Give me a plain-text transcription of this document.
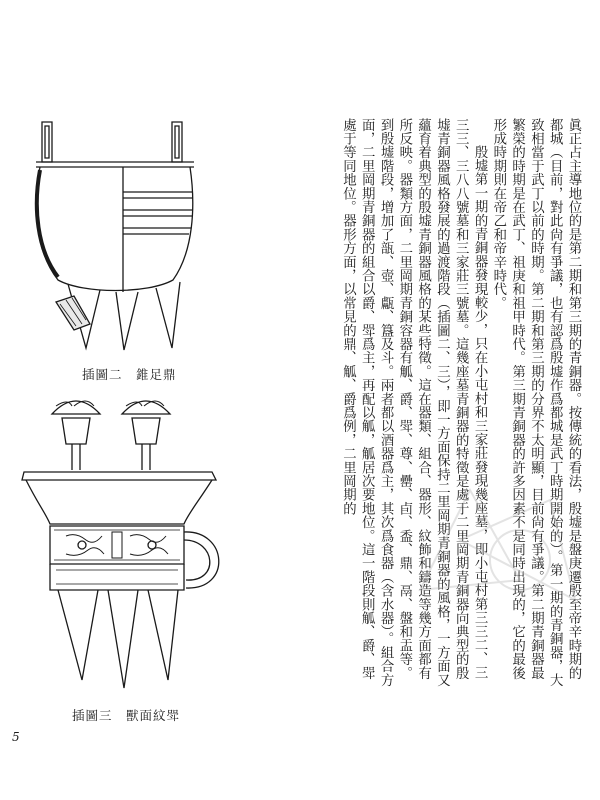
插圖二　錐足鼎
插圖三　獸面紋斝

眞正占主導地位的是第二期和第三期的青銅器。按傳統的看法，殷墟是盤庚遷殷至帝辛時期的都城（目前，對此尙有爭議，也有認爲殷墟作爲都城是武丁時期開始的）。第一期的青銅器，大致相當于武丁以前的時期。第二期和第三期的分界不太明顯，目前尙有爭議。第二期青銅器最繁榮的時期是在武丁、祖庚和祖甲時代。第三期青銅器的許多因素不是同時出現的，它的最後形成時期則在帝乙和帝辛時代。

殷墟第一期的青銅器發現較少，只在小屯村和三家莊發現幾座墓，即小屯村第三三二、三三三、三八八號墓和三家莊三號墓。這幾座墓青銅器的特徵是處于二里岡期青銅器向典型的殷墟青銅器風格發展的過渡階段（插圖二、三），即一方面保持二里岡期青銅器的風格，一方面又蘊育着典型的殷墟青銅器風格的某些特徵。這在器類、組合、器形、紋飾和鑄造等幾方面都有所反映。器類方面，二里岡期青銅容器有觚、爵、斝、尊、罍、卣、盉、鼎、鬲、盤和盂等。到殷墟階段，增加了瓿、壺、甗、簋及斗。兩者都以酒器爲主，其次爲食器（含水器）。組合方面，二里岡期青銅器的組合以爵、斝爲主，再配以觚，觚居次要地位。這一階段則觚、爵、斝處于等同地位。器形方面，以常見的鼎、觚、爵爲例，二里岡期的

5
